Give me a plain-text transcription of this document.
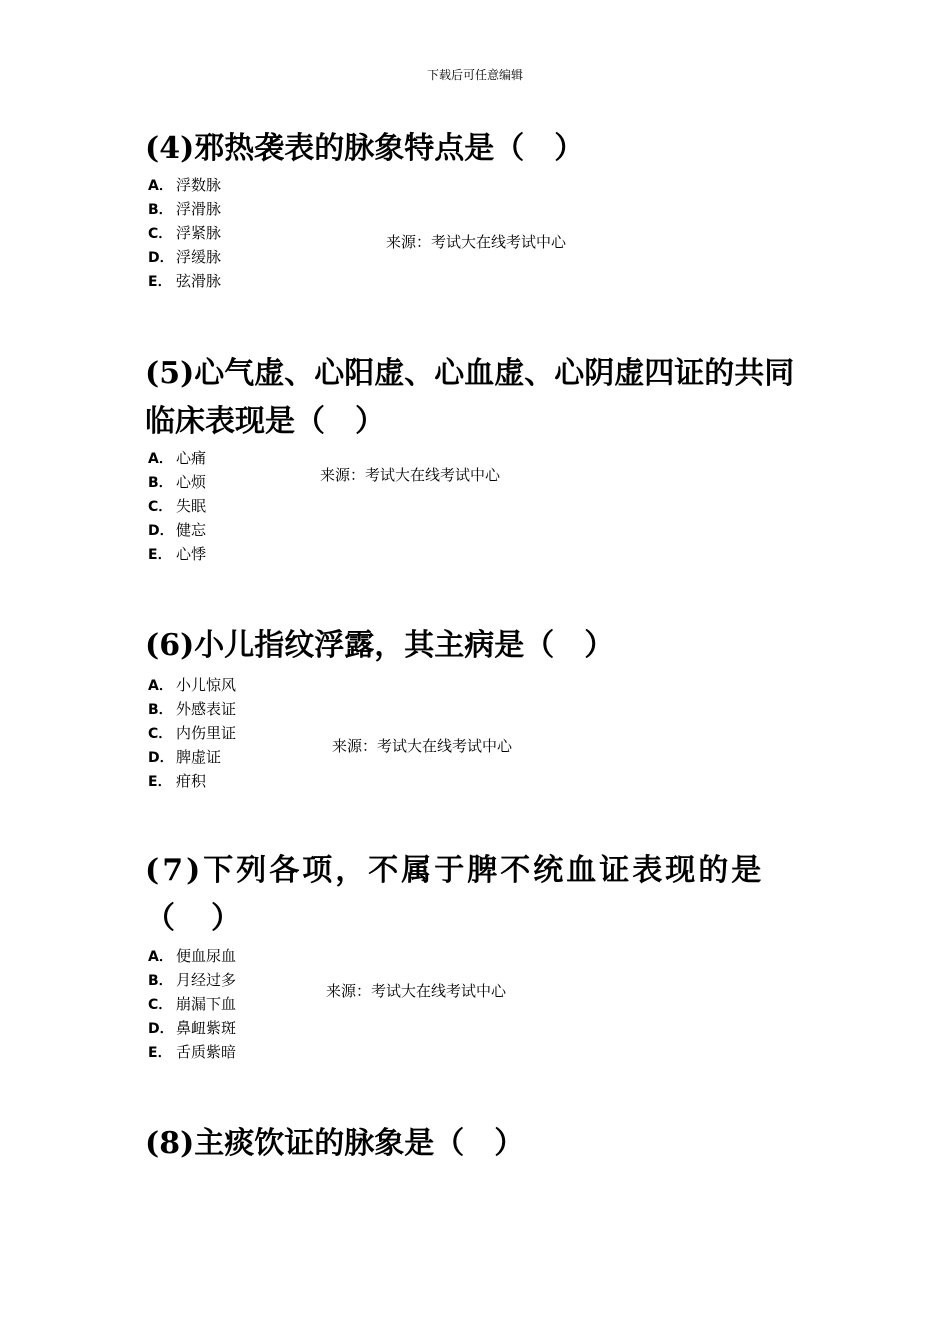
下载后可任意编辑
(4)邪热袭表的脉象特点是（　）
A． 浮数脉
B． 浮滑脉
C． 浮紧脉
D． 浮缓脉
E． 弦滑脉
来源：考试大在线考试中心
(5)心气虚、心阳虚、心血虚、心阴虚四证的共同临床表现是（　）
A． 心痛
B． 心烦
C． 失眠
D． 健忘
E． 心悸
来源：考试大在线考试中心
(6)小儿指纹浮露，其主病是（　）
A． 小儿惊风
B． 外感表证
C． 内伤里证
D． 脾虚证
E． 疳积
来源：考试大在线考试中心
(7)下列各项，不属于脾不统血证表现的是（　）
A． 便血尿血
B． 月经过多
C． 崩漏下血
D． 鼻衄紫斑
E． 舌质紫暗
来源：考试大在线考试中心
(8)主痰饮证的脉象是（　）
